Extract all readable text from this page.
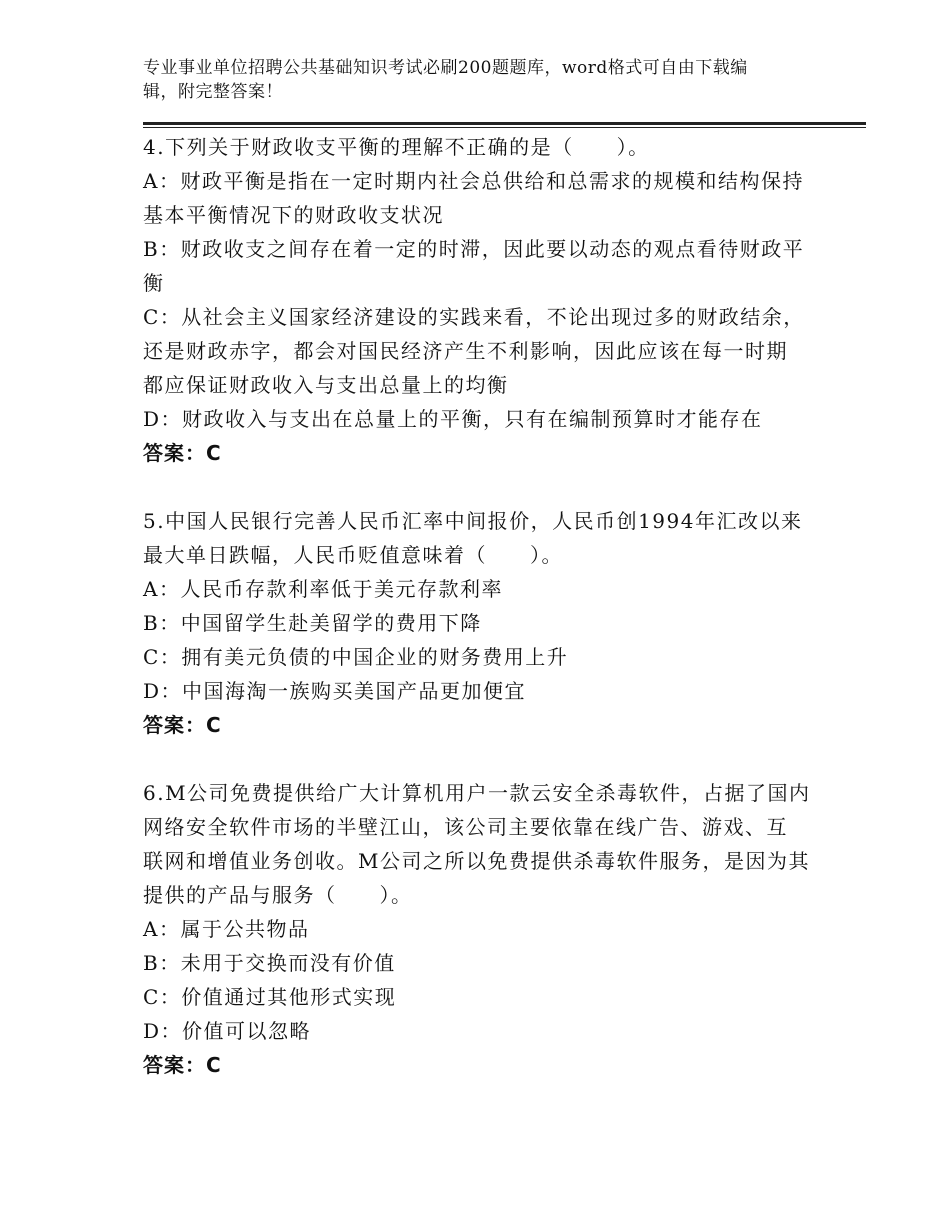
专业事业单位招聘公共基础知识考试必刷200题题库，word格式可自由下载编
辑，附完整答案！
4.下列关于财政收支平衡的理解不正确的是（　　）。
A：财政平衡是指在一定时期内社会总供给和总需求的规模和结构保持
基本平衡情况下的财政收支状况
B：财政收支之间存在着一定的时滞，因此要以动态的观点看待财政平
衡
C：从社会主义国家经济建设的实践来看，不论出现过多的财政结余，
还是财政赤字，都会对国民经济产生不利影响，因此应该在每一时期
都应保证财政收入与支出总量上的均衡
D：财政收入与支出在总量上的平衡，只有在编制预算时才能存在
答案：C
5.中国人民银行完善人民币汇率中间报价，人民币创1994年汇改以来
最大单日跌幅，人民币贬值意味着（　　）。
A：人民币存款利率低于美元存款利率
B：中国留学生赴美留学的费用下降
C：拥有美元负债的中国企业的财务费用上升
D：中国海淘一族购买美国产品更加便宜
答案：C
6.M公司免费提供给广大计算机用户一款云安全杀毒软件，占据了国内
网络安全软件市场的半壁江山，该公司主要依靠在线广告、游戏、互
联网和增值业务创收。M公司之所以免费提供杀毒软件服务，是因为其
提供的产品与服务（　　）。
A：属于公共物品
B：未用于交换而没有价值
C：价值通过其他形式实现
D：价值可以忽略
答案：C
